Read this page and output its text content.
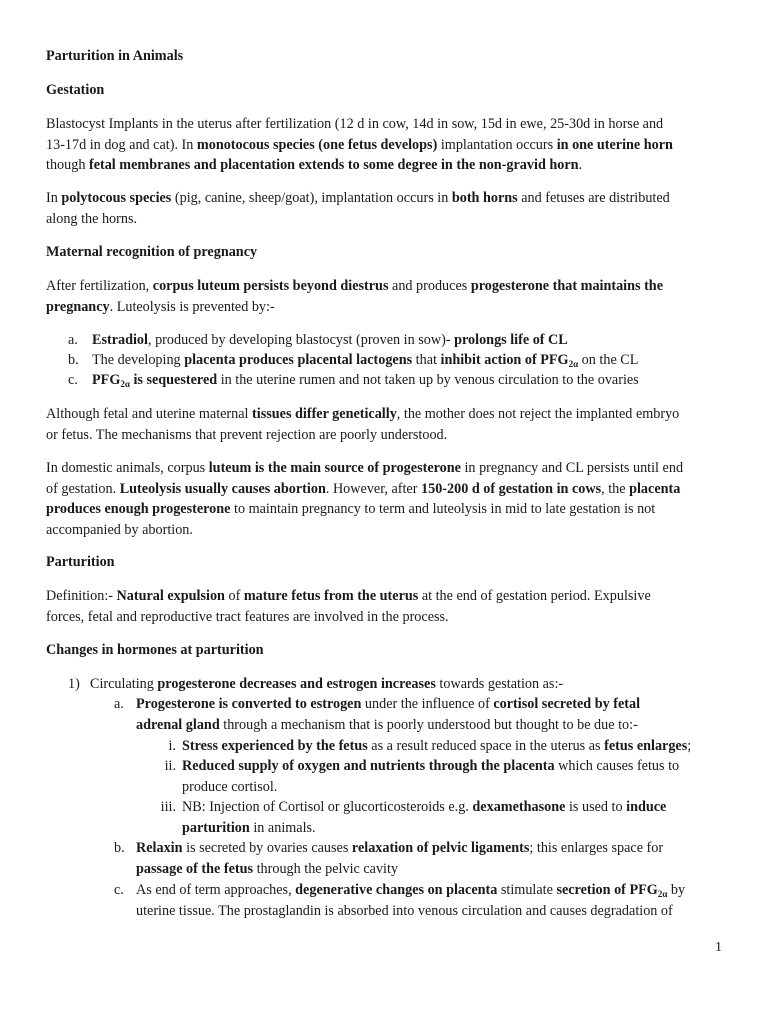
Parturition in Animals
Gestation
Blastocyst Implants in the uterus after fertilization (12 d in cow, 14d in sow, 15d in ewe, 25-30d in horse and
13-17d in dog and cat). In monotocous species (one fetus develops) implantation occurs in one uterine horn
though fetal membranes and placentation extends to some degree in the non-gravid horn.
In polytocous species (pig, canine, sheep/goat), implantation occurs in both horns and fetuses are distributed
along the horns.
Maternal recognition of pregnancy
After fertilization, corpus luteum persists beyond diestrus and produces progesterone that maintains the
pregnancy. Luteolysis is prevented by:-
a. Estradiol, produced by developing blastocyst (proven in sow)- prolongs life of CL
b. The developing placenta produces placental lactogens that inhibit action of $PFG_{2\alpha}$ on the CL
c. $PFG_{2\alpha}$ is sequestered in the uterine rumen and not taken up by venous circulation to the ovaries
Although fetal and uterine maternal tissues differ genetically, the mother does not reject the implanted embryo
or fetus. The mechanisms that prevent rejection are poorly understood.
In domestic animals, corpus luteum is the main source of progesterone in pregnancy and CL persists until end
of gestation. Luteolysis usually causes abortion. However, after 150-200 d of gestation in cows, the placenta
produces enough progesterone to maintain pregnancy to term and luteolysis in mid to late gestation is not
accompanied by abortion.
Parturition
Definition:- Natural expulsion of mature fetus from the uterus at the end of gestation period. Expulsive
forces, fetal and reproductive tract features are involved in the process.
Changes in hormones at parturition
1) Circulating progesterone decreases and estrogen increases towards gestation as:-
a. Progesterone is converted to estrogen under the influence of cortisol secreted by fetal
adrenal gland through a mechanism that is poorly understood but thought to be due to:-
i. Stress experienced by the fetus as a result reduced space in the uterus as fetus enlarges;
ii. Reduced supply of oxygen and nutrients through the placenta which causes fetus to
produce cortisol.
iii. NB: Injection of Cortisol or glucorticosteroids e.g. dexamethasone is used to induce
parturition in animals.
b. Relaxin is secreted by ovaries causes relaxation of pelvic ligaments; this enlarges space for
passage of the fetus through the pelvic cavity
c. As end of term approaches, degenerative changes on placenta stimulate secretion of $PFG_{2\alpha}$ by
uterine tissue. The prostaglandin is absorbed into venous circulation and causes degradation of
1
